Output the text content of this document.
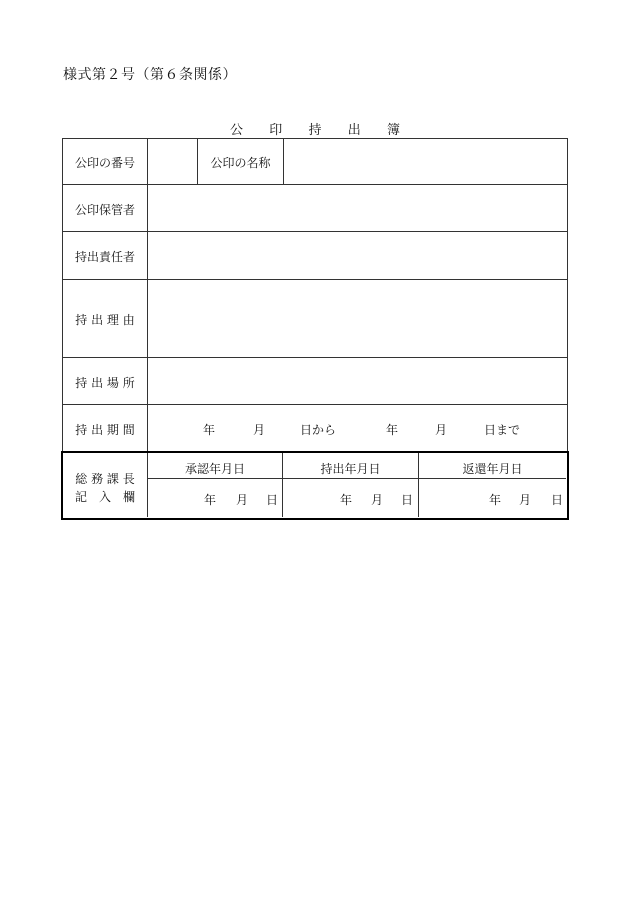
様式第２号（第６条関係）
公 印 持 出 簿
公印の番号	公印の名称
公印保管者
持出責任者
持 出 理 由
持 出 場 所
持 出 期 間	年	月	日から	年	月	日まで
総 務 課 長
記　入　欄
承認年月日	持出年月日	返還年月日
年 月 日	年 月 日	年 月 日
